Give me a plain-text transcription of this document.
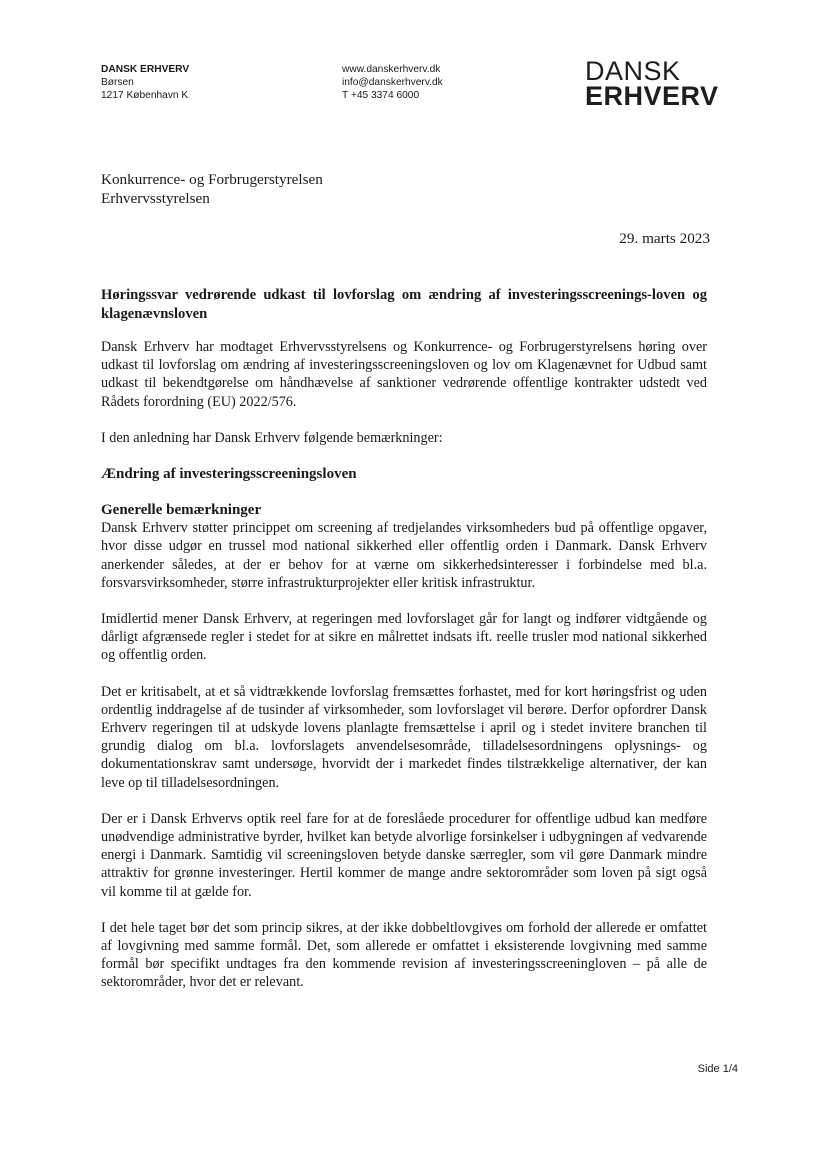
DANSK ERHVERV
Børsen
1217 København K
www.danskerhverv.dk
info@danskerhverv.dk
T +45 3374 6000
DANSK
ERHVERV
Konkurrence- og Forbrugerstyrelsen
Erhvervsstyrelsen
29. marts 2023

Høringssvar vedrørende udkast til lovforslag om ændring af investeringsscreenings-loven og klagenævnsloven

Dansk Erhverv har modtaget Erhvervsstyrelsens og Konkurrence- og Forbrugerstyrelsens høring over udkast til lovforslag om ændring af investeringsscreeningsloven og lov om Klagenævnet for Udbud samt udkast til bekendtgørelse om håndhævelse af sanktioner vedrørende offentlige kontrakter udstedt ved Rådets forordning (EU) 2022/576.

I den anledning har Dansk Erhverv følgende bemærkninger:

Ændring af investeringsscreeningsloven

Generelle bemærkninger

Dansk Erhverv støtter princippet om screening af tredjelandes virksomheders bud på offentlige opgaver, hvor disse udgør en trussel mod national sikkerhed eller offentlig orden i Danmark. Dansk Erhverv anerkender således, at der er behov for at værne om sikkerhedsinteresser i forbindelse med bl.a. forsvarsvirksomheder, større infrastrukturprojekter eller kritisk infrastruktur.

Imidlertid mener Dansk Erhverv, at regeringen med lovforslaget går for langt og indfører vidtgående og dårligt afgrænsede regler i stedet for at sikre en målrettet indsats ift. reelle trusler mod national sikkerhed og offentlig orden.

Det er kritisabelt, at et så vidtrækkende lovforslag fremsættes forhastet, med for kort høringsfrist og uden ordentlig inddragelse af de tusinder af virksomheder, som lovforslaget vil berøre. Derfor opfordrer Dansk Erhverv regeringen til at udskyde lovens planlagte fremsættelse i april og i stedet invitere branchen til grundig dialog om bl.a. lovforslagets anvendelsesområde, tilladelsesordningens oplysnings- og dokumentationskrav samt undersøge, hvorvidt der i markedet findes tilstrækkelige alternativer, der kan leve op til tilladelsesordningen.

Der er i Dansk Erhvervs optik reel fare for at de foreslåede procedurer for offentlige udbud kan medføre unødvendige administrative byrder, hvilket kan betyde alvorlige forsinkelser i udbygningen af vedvarende energi i Danmark. Samtidig vil screeningsloven betyde danske særregler, som vil gøre Danmark mindre attraktiv for grønne investeringer. Hertil kommer de mange andre sektorområder som loven på sigt også vil komme til at gælde for.

I det hele taget bør det som princip sikres, at der ikke dobbeltlovgives om forhold der allerede er omfattet af lovgivning med samme formål. Det, som allerede er omfattet i eksisterende lovgivning med samme formål bør specifikt undtages fra den kommende revision af investeringsscreeningloven – på alle de sektorområder, hvor det er relevant.

Side 1/4
